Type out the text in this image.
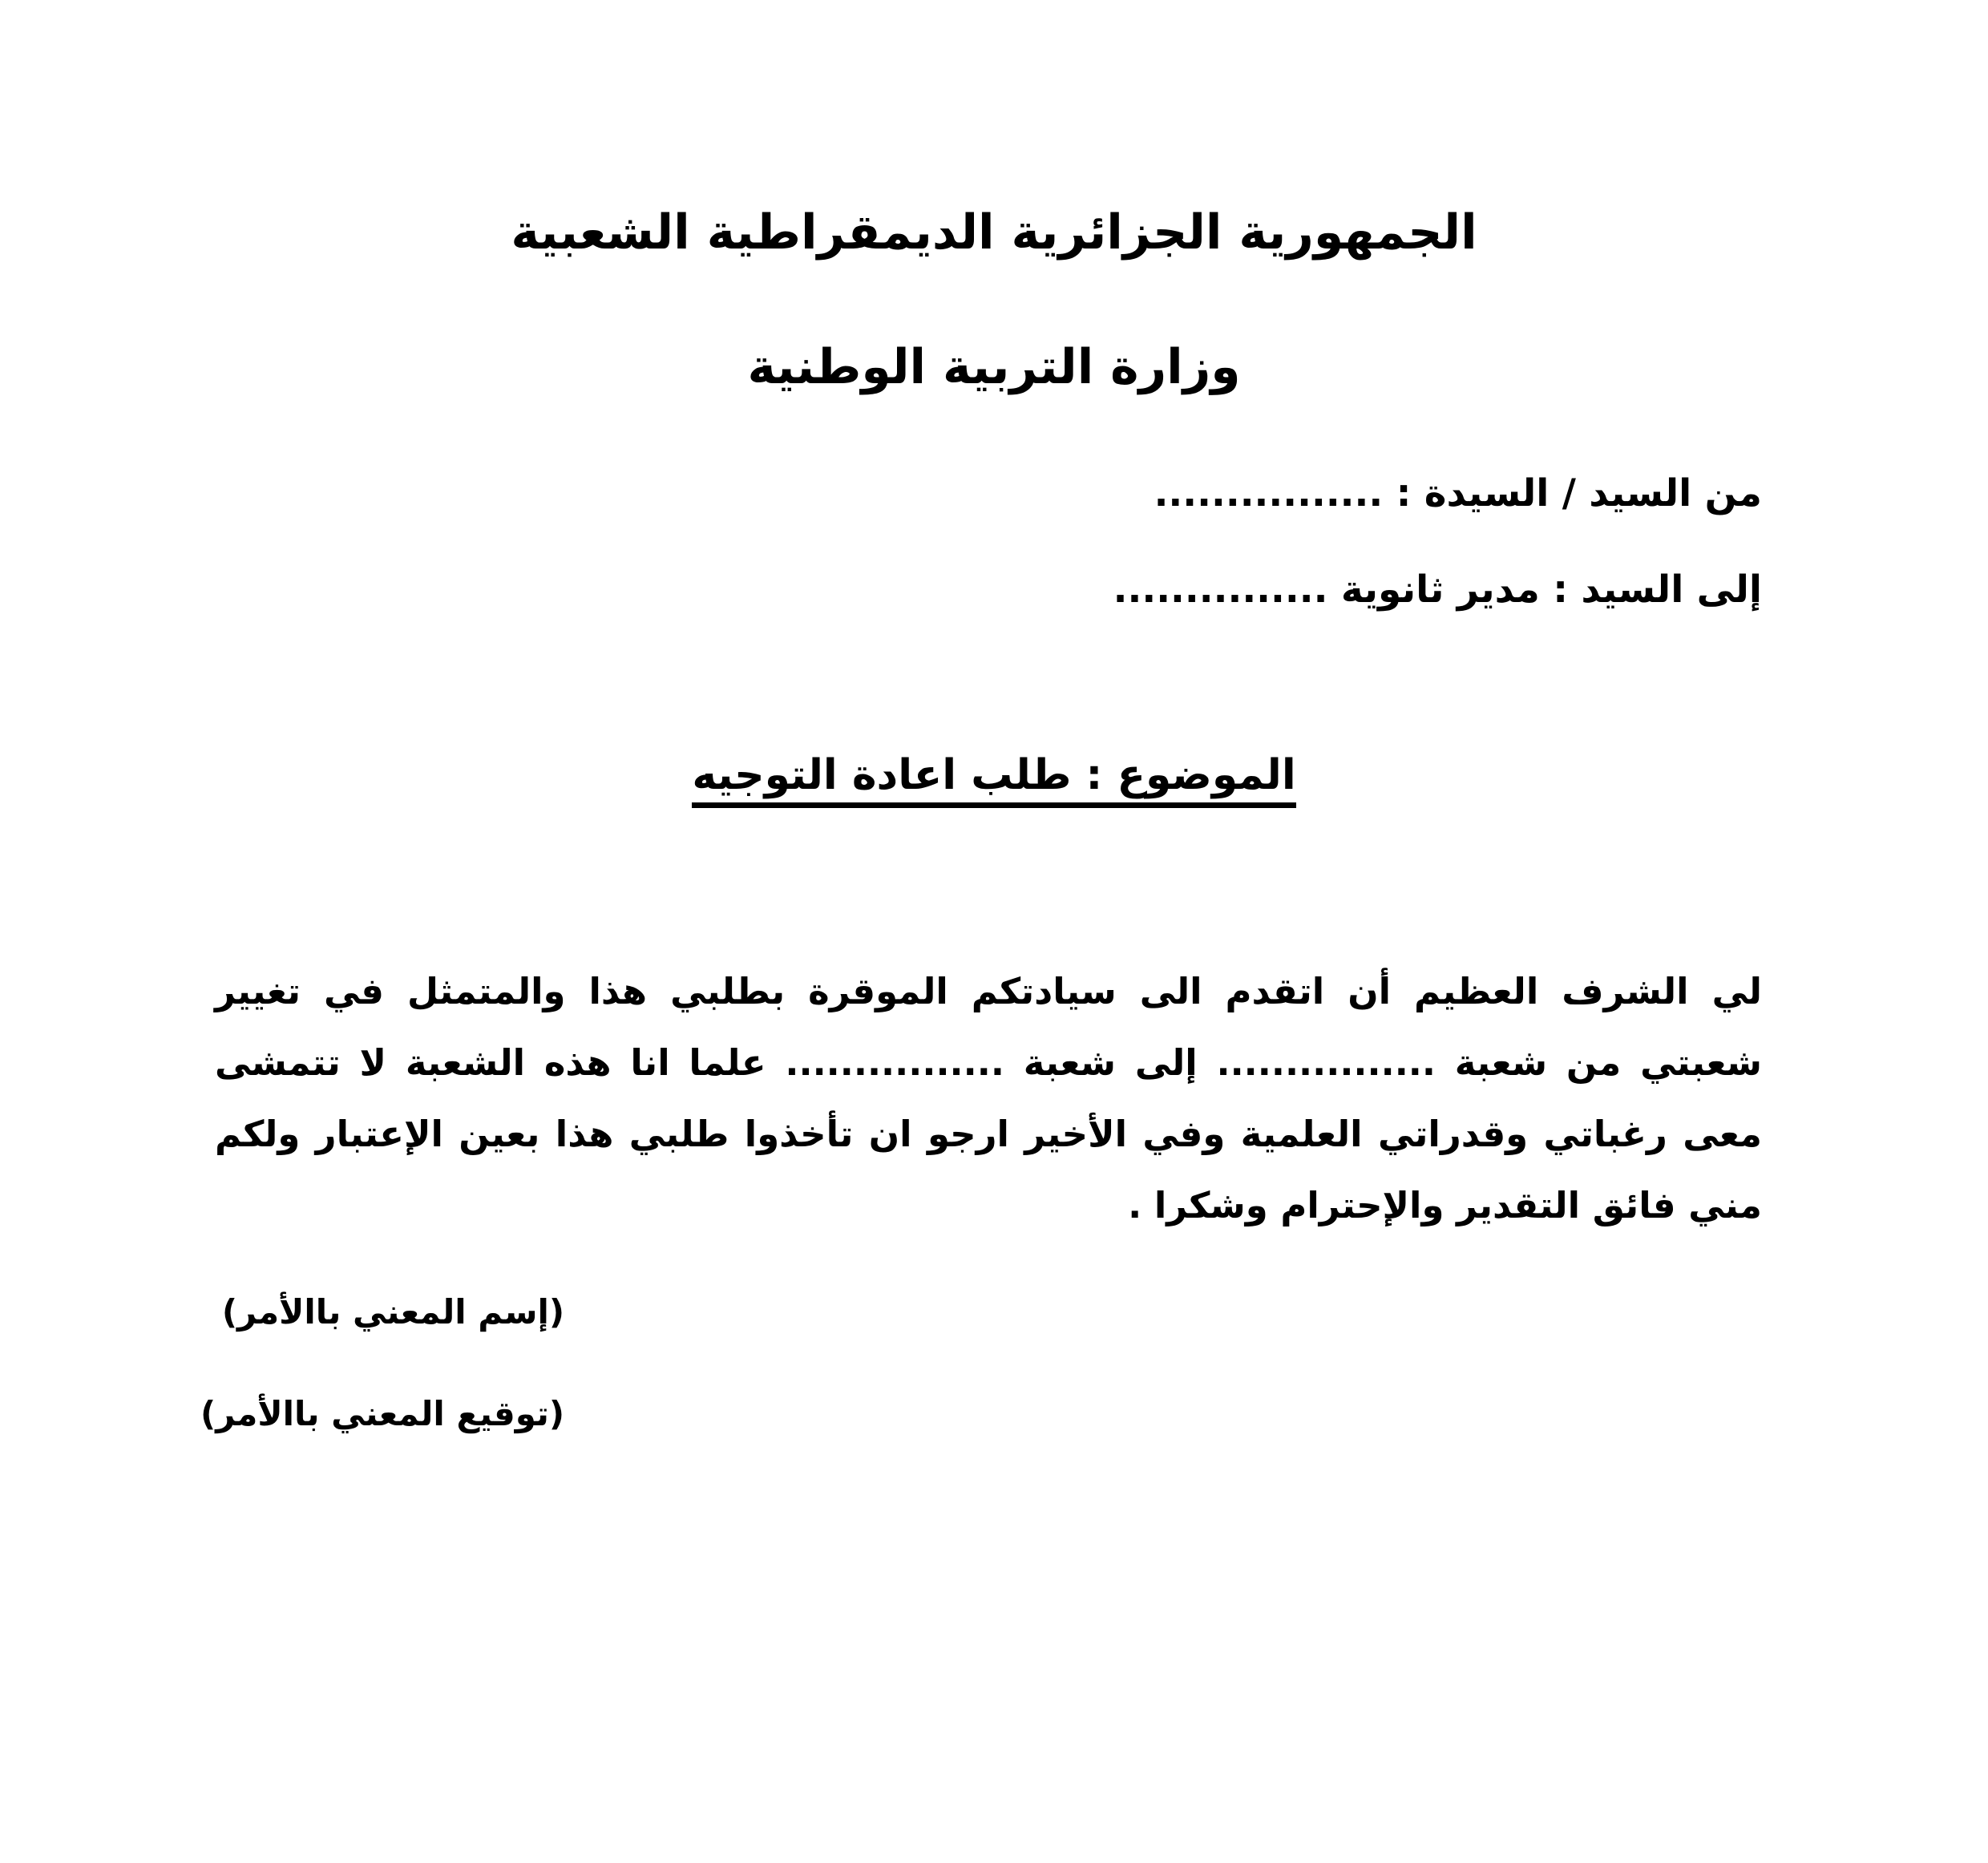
الجمهورية الجزائرية الديمقراطية الشعبية
وزارة التربية الوطنية
من السيد / السيدة : ................
إلى السيد : مدير ثانوية ...............
الموضوع : طلب اعادة التوجيه

لي الشرف العظيم أن اتقدم الى سيادتكم الموقرة بطلبي هذا والمتمثل في تغيير شعبتي من شعبة ................ إلى شعبة ................ علما انا هذه الشعبة لا تتمشى معى رغباتي وقدراتي العلمية وفي الأخير ارجو ان تأخذوا طلبي هذا بعين الإعتبار ولكم مني فائق التقدير والإحترام وشكرا .

(إسم المعني باالأمر)
(توقيع المعني باالأمر)
